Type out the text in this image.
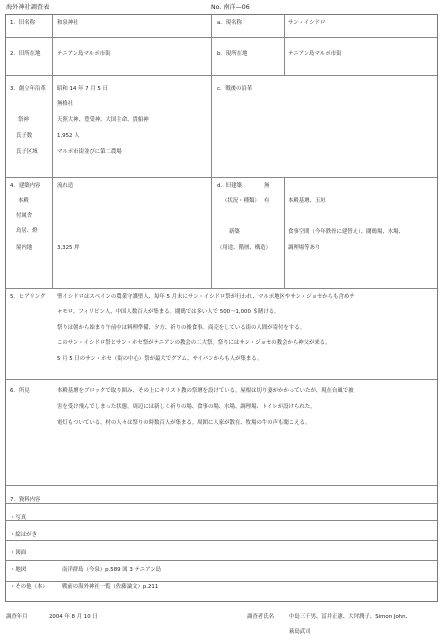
海外神社調査表	No. 南洋—06
1．旧名称	和泉神社	a．現名称	サン・イシドロ
2．旧所在地	テニアン島マルポ市街	b．現所在地	テニアン島マルポ市街
3．創立年沿革 昭和 14 年 7 月 5 日
無格社
祭神	天照大神、豊受神、大国主命、貴船神
氏子数	1,952 人
氏子区域	マルポ市街並びに第二農場
c．戦後の沿革
4．建築内容	流れ造
本殿
付属舎
鳥居、燈
境内地	3,325 坪
d．旧建築	無
（状況・種類） 有	本殿基壇、玉垣
新築
（用途、階層、構造）
食事空間（今年鉄骨に建替え）、闘鶏場、水場、
調理場等あり
5．ヒアリング 聖イシドロはスペインの農業守護聖人、毎年 5 月末にサン・イシドロ祭が行われ、マルポ地区やサン・ジョセからも含めチ
ャモロ、フィリピン人、中国人数百人が集まる。闘鶏では多い人で 500～1,000 ＄賭ける。
祭りは朝から始まり午前中は料理準備、夕方、祈りの後食事。商売をしている街の人間が寄付をする。
このサン・イシドロ祭とサン・ホセ祭がテニアンの教会の二大祭。祭りにはサン・ジョセの教会から神父が来る。
5 月 5 日のサン・ホセ（街の中心）祭が最大でグアム、サイパンからも人が集まる。
6．所見	本殿基壇をブロックで取り囲み、その上にキリスト教の祭壇を設けている。屋根は切り妻がかかっていたが、現在台風で被
害を受け飛んでしまった状態。周辺には新しく祈りの場、食事の場、水場、調理場、トイレが設けられた。
電灯もついている。村の人々は祭りの時数百人が集まる。周囲に人家が散在、牧場の牛の声も聞こえる。
7．資料内容
・写真
・絵はがき
・図面
・地図	南洋群島（今泉）p.589 図 3 テニアン島
・その他（本）	戦前の海外神社一覧（佐藤論文）p.211
調査年月	2004 年 8 月 10 日	調査者氏名	中島三千男、冨井正憲、大坪潤子、Simon John、
萩島武司
